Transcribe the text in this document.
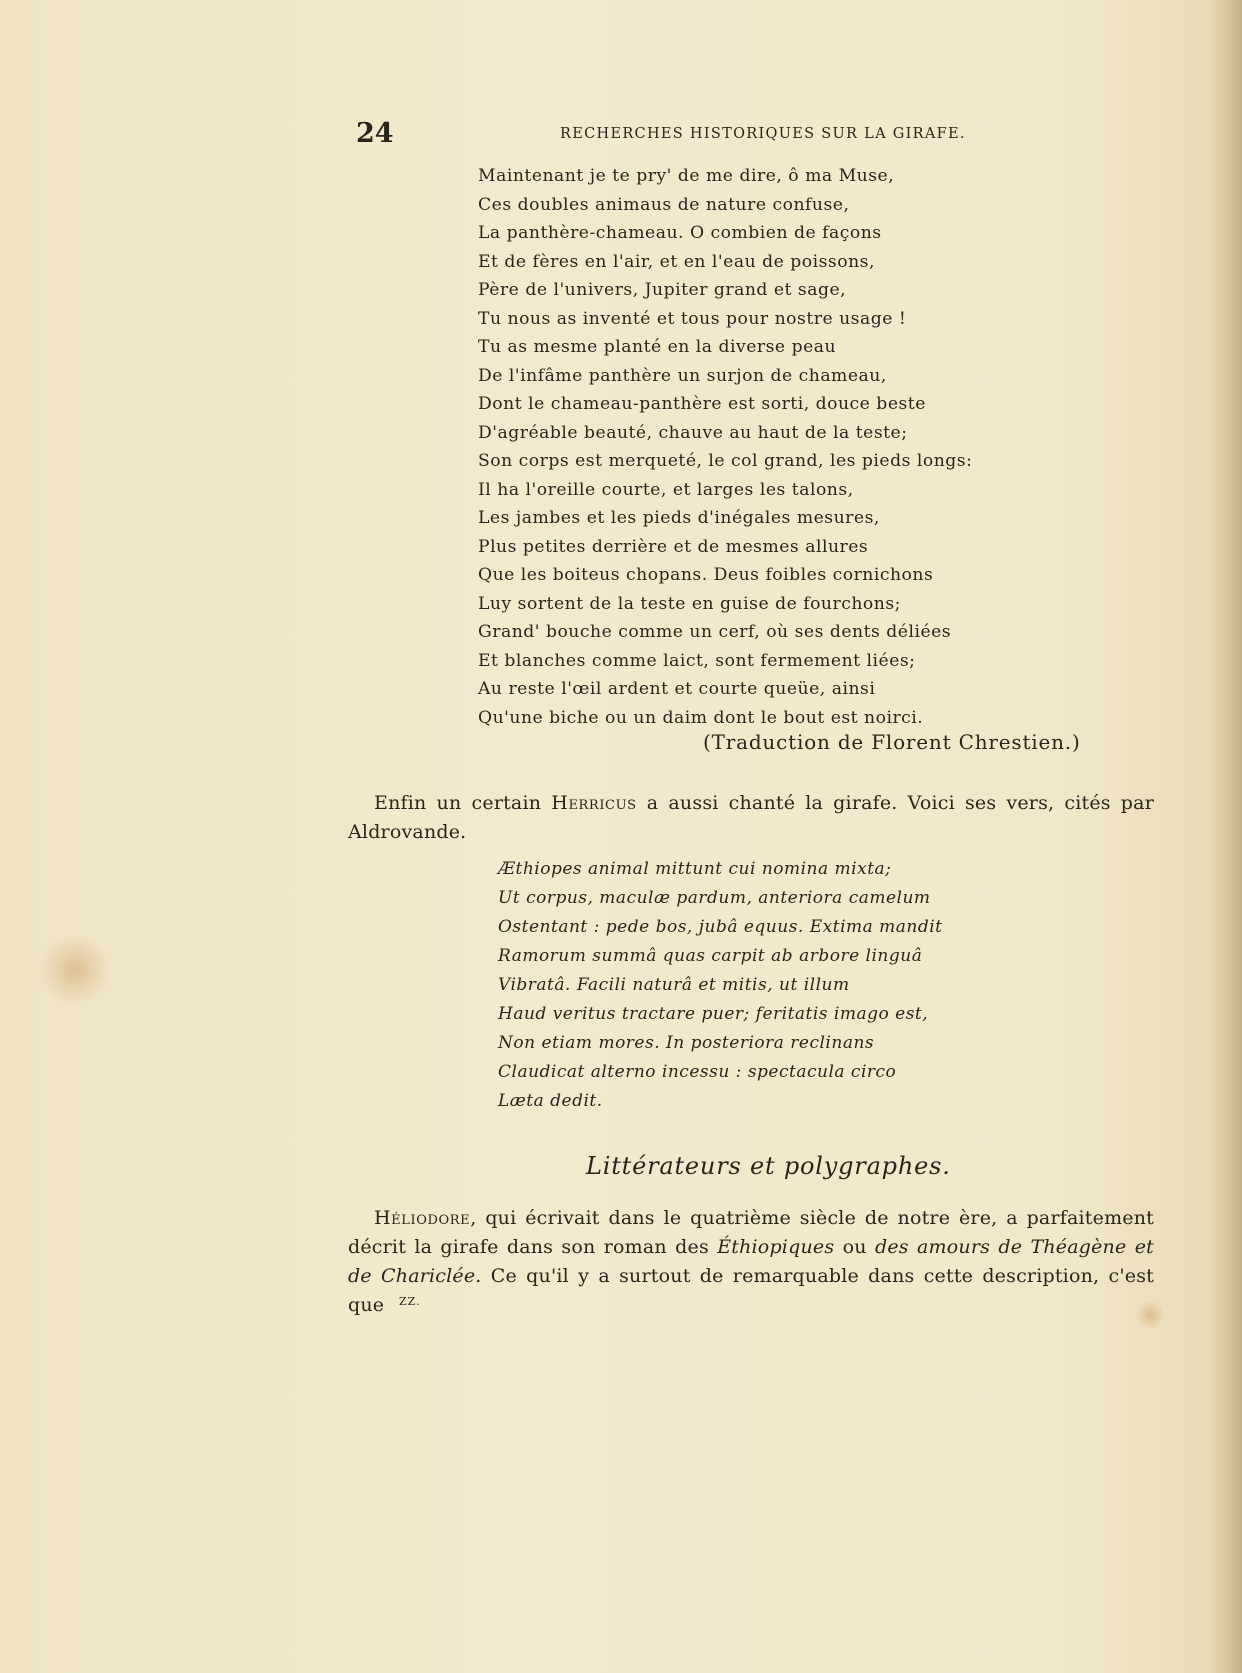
24	RECHERCHES HISTORIQUES SUR LA GIRAFE.
Maintenant je te pry' de me dire, ô ma Muse,
Ces doubles animaus de nature confuse,
La panthère-chameau. O combien de façons
Et de fères en l'air, et en l'eau de poissons,
Père de l'univers, Jupiter grand et sage,
Tu nous as inventé et tous pour nostre usage !
Tu as mesme planté en la diverse peau
De l'infâme panthère un surjon de chameau,
Dont le chameau-panthère est sorti, douce beste
D'agréable beauté, chauve au haut de la teste;
Son corps est merqueté, le col grand, les pieds longs:
Il ha l'oreille courte, et larges les talons,
Les jambes et les pieds d'inégales mesures,
Plus petites derrière et de mesmes allures
Que les boiteus chopans. Deus foibles cornichons
Luy sortent de la teste en guise de fourchons;
Grand' bouche comme un cerf, où ses dents déliées
Et blanches comme laict, sont fermement liées;
Au reste l'œil ardent et courte queüe, ainsi
Qu'une biche ou un daim dont le bout est noirci.
(Traduction de Florent Chrestien.)
Enfin un certain Herricus a aussi chanté la girafe. Voici ses vers, cités par Aldrovande.
Æthiopes animal mittunt cui nomina mixta;
Ut corpus, maculæ pardum, anteriora camelum
Ostentant : pede bos, jubâ equus. Extima mandit
Ramorum summâ quas carpit ab arbore linguâ
Vibratâ. Facili naturâ et mitis, ut illum
Haud veritus tractare puer; feritatis imago est,
Non etiam mores. In posteriora reclinans
Claudicat alterno incessu : spectacula circo
Læta dedit.
Littérateurs et polygraphes.
Héliodore, qui écrivait dans le quatrième siècle de notre ère, a parfaitement décrit la girafe dans son roman des Éthiopiques ou des amours de Théagène et de Chariclée. Ce qu'il y a surtout de remarquable dans cette description, c'est que	ZZ.
